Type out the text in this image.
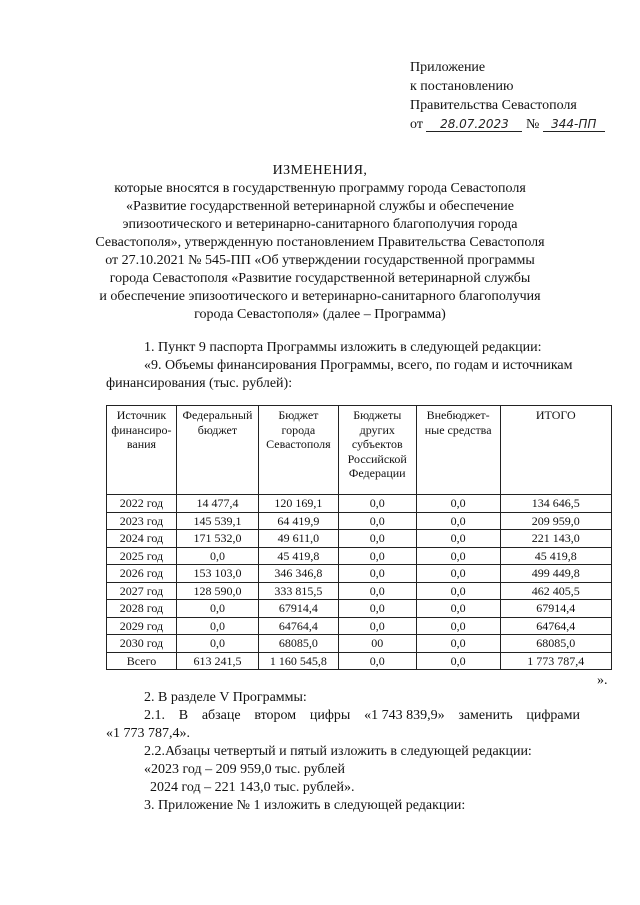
Приложение
к постановлению
Правительства Севастополя
от 28.07.2023 № 344-ПП
ИЗМЕНЕНИЯ,
которые вносятся в государственную программу города Севастополя
«Развитие государственной ветеринарной службы и обеспечение
эпизоотического и ветеринарно-санитарного благополучия города
Севастополя», утвержденную постановлением Правительства Севастополя
от 27.10.2021 № 545-ПП «Об утверждении государственной программы
города Севастополя «Развитие государственной ветеринарной службы
и обеспечение эпизоотического и ветеринарно-санитарного благополучия
города Севастополя» (далее – Программа)
1. Пункт 9 паспорта Программы изложить в следующей редакции:
«9. Объемы финансирования Программы, всего, по годам и источникам
финансирования (тыс. рублей):
Источник финансиро-вания	Федеральный бюджет	Бюджет города Севастополя	Бюджеты других субъектов Российской Федерации	Внебюджет-ные средства	ИТОГО
2022 год	14 477,4	120 169,1	0,0	0,0	134 646,5
2023 год	145 539,1	64 419,9	0,0	0,0	209 959,0
2024 год	171 532,0	49 611,0	0,0	0,0	221 143,0
2025 год	0,0	45 419,8	0,0	0,0	45 419,8
2026 год	153 103,0	346 346,8	0,0	0,0	499 449,8
2027 год	128 590,0	333 815,5	0,0	0,0	462 405,5
2028 год	0,0	67914,4	0,0	0,0	67914,4
2029 год	0,0	64764,4	0,0	0,0	64764,4
2030 год	0,0	68085,0	00	0,0	68085,0
Всего	613 241,5	1 160 545,8	0,0	0,0	1 773 787,4
».
2. В разделе V Программы:
2.1. В абзаце втором цифры «1 743 839,9» заменить цифрами
«1 773 787,4».
2.2.Абзацы четвертый и пятый изложить в следующей редакции:
«2023 год – 209 959,0 тыс. рублей
2024 год – 221 143,0 тыс. рублей».
3. Приложение № 1 изложить в следующей редакции:
